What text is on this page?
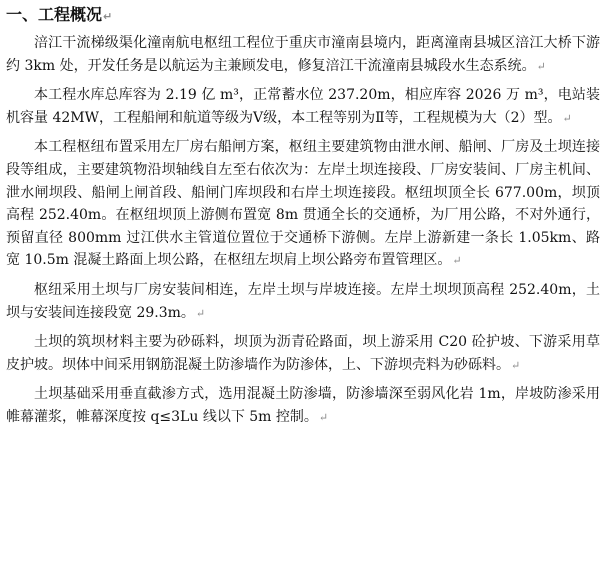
一、工程概况↵

涪江干流梯级渠化潼南航电枢纽工程位于重庆市潼南县境内，距离潼南县城区涪江大桥下游约 3km 处，开发任务是以航运为主兼顾发电，修复涪江干流潼南县城段水生态系统。↵

本工程水库总库容为 2.19 亿 m³，正常蓄水位 237.20m，相应库容 2026 万 m³，电站装机容量 42MW，工程船闸和航道等级为Ⅴ级，本工程等别为Ⅱ等，工程规模为大（2）型。↵

本工程枢纽布置采用左厂房右船闸方案，枢纽主要建筑物由泄水闸、船闸、厂房及土坝连接段等组成，主要建筑物沿坝轴线自左至右依次为：左岸土坝连接段、厂房安装间、厂房主机间、泄水闸坝段、船闸上闸首段、船闸门库坝段和右岸土坝连接段。枢纽坝顶全长 677.00m，坝顶高程 252.40m。在枢纽坝顶上游侧布置宽 8m 贯通全长的交通桥，为厂用公路，不对外通行，预留直径 800mm 过江供水主管道位置位于交通桥下游侧。左岸上游新建一条长 1.05km、路宽 10.5m 混凝土路面上坝公路，在枢纽左坝肩上坝公路旁布置管理区。↵

枢纽采用土坝与厂房安装间相连，左岸土坝与岸坡连接。左岸土坝坝顶高程 252.40m，土坝与安装间连接段宽 29.3m。↵

土坝的筑坝材料主要为砂砾料，坝顶为沥青砼路面，坝上游采用 C20 砼护坡、下游采用草皮护坡。坝体中间采用钢筋混凝土防渗墙作为防渗体，上、下游坝壳料为砂砾料。↵

土坝基础采用垂直截渗方式，选用混凝土防渗墙，防渗墙深至弱风化岩 1m，岸坡防渗采用帷幕灌浆，帷幕深度按 q≤3Lu 线以下 5m 控制。↵
